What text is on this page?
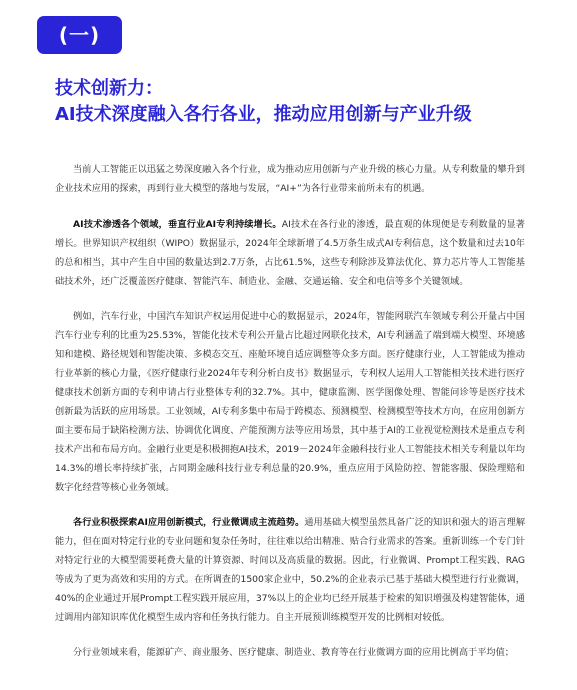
(一)
技术创新力：
AI技术深度融入各行各业，推动应用创新与产业升级

当前人工智能正以迅猛之势深度融入各个行业，成为推动应用创新与产业升级的核心力量。从专利数量的攀升到企业技术应用的探索，再到行业大模型的落地与发展，“AI+”为各行业带来前所未有的机遇。

AI技术渗透各个领域，垂直行业AI专利持续增长。AI技术在各行业的渗透，最直观的体现便是专利数量的显著增长。世界知识产权组织（WIPO）数据显示，2024年全球新增了4.5万条生成式AI专利信息，这个数量和过去10年的总和相当，其中产生自中国的数量达到2.7万条，占比61.5%，这些专利除涉及算法优化、算力芯片等人工智能基础技术外，还广泛覆盖医疗健康、智能汽车、制造业、金融、交通运输、安全和电信等多个关键领域。

例如，汽车行业，中国汽车知识产权运用促进中心的数据显示，2024年，智能网联汽车领域专利公开量占中国汽车行业专利的比重为25.53%，智能化技术专利公开量占比超过网联化技术，AI专利涵盖了端到端大模型、环境感知和建模、路径规划和智能决策、多模态交互、座舱环境自适应调整等众多方面。医疗健康行业，人工智能成为推动行业革新的核心力量，《医疗健康行业2024年专利分析白皮书》数据显示，专利权人运用人工智能相关技术进行医疗健康技术创新方面的专利申请占行业整体专利的32.7%。其中，健康监测、医学图像处理、智能问诊等是医疗技术创新最为活跃的应用场景。工业领域，AI专利多集中布局于跨模态、预测模型、检测模型等技术方向，在应用创新方面主要布局于缺陷检测方法、协调优化调度、产能预测方法等应用场景，其中基于AI的工业视觉检测技术是重点专利技术产出和布局方向。金融行业更是积极拥抱AI技术，2019－2024年金融科技行业人工智能技术相关专利量以年均14.3%的增长率持续扩张，占同期金融科技行业专利总量的20.9%，重点应用于风险防控、智能客服、保险理赔和数字化经营等核心业务领域。

各行业积极探索AI应用创新模式，行业微调成主流趋势。通用基础大模型虽然具备广泛的知识和强大的语言理解能力，但在面对特定行业的专业问题和复杂任务时，往往难以给出精准、贴合行业需求的答案。重新训练一个专门针对特定行业的大模型需要耗费大量的计算资源、时间以及高质量的数据。因此，行业微调、Prompt工程实践、RAG等成为了更为高效和实用的方式。在所调查的1500家企业中，50.2%的企业表示已基于基础大模型进行行业微调，40%的企业通过开展Prompt工程实践开展应用，37%以上的企业均已经开展基于检索的知识增强及构建智能体，通过调用内部知识库优化模型生成内容和任务执行能力。自主开展预训练模型开发的比例相对较低。

分行业领域来看，能源矿产、商业服务、医疗健康、制造业、教育等在行业微调方面的应用比例高于平均值；
